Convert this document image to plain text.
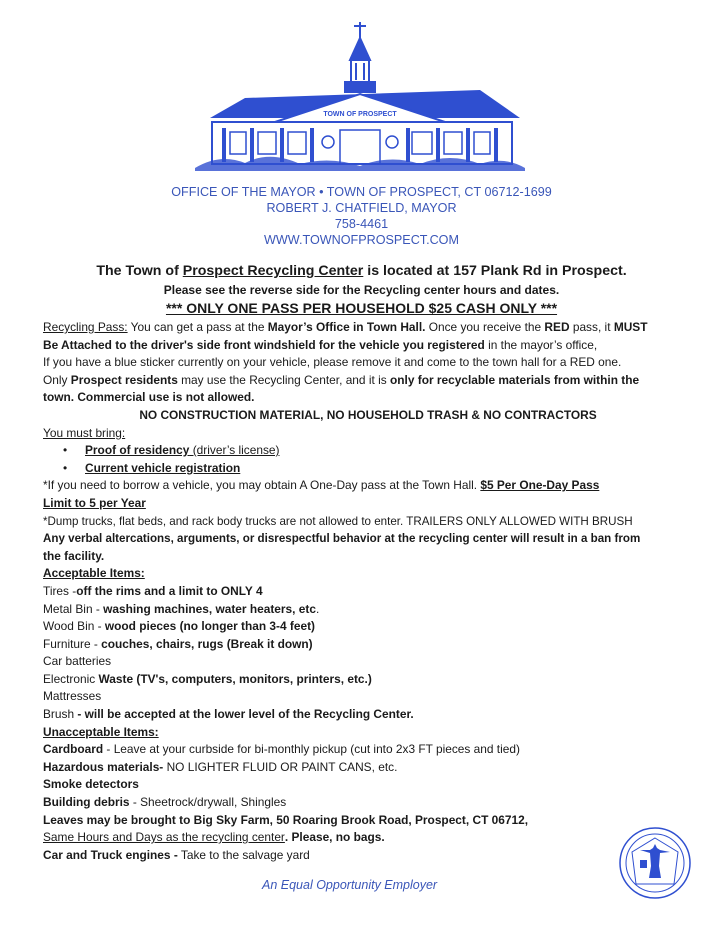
TOWN OF PROSPECT
OFFICE OF THE MAYOR • TOWN OF PROSPECT, CT 06712-1699
ROBERT J. CHATFIELD, MAYOR
758-4461
WWW.TOWNOFPROSPECT.COM
The Town of Prospect Recycling Center is located at 157 Plank Rd in Prospect.
Please see the reverse side for the Recycling center hours and dates.
*** ONLY ONE PASS PER HOUSEHOLD $25 CASH ONLY ***
Recycling Pass: You can get a pass at the Mayor’s Office in Town Hall. Once you receive the RED pass, it MUST
Be Attached to the driver's side front windshield for the vehicle you registered in the mayor’s office,
If you have a blue sticker currently on your vehicle, please remove it and come to the town hall for a RED one.
Only Prospect residents may use the Recycling Center, and it is only for recyclable materials from within the
town. Commercial use is not allowed.
NO CONSTRUCTION MATERIAL, NO HOUSEHOLD TRASH & NO CONTRACTORS
You must bring:
• Proof of residency (driver’s license)
• Current vehicle registration
*If you need to borrow a vehicle, you may obtain A One-Day pass at the Town Hall. $5 Per One-Day Pass
Limit to 5 per Year
*Dump trucks, flat beds, and rack body trucks are not allowed to enter. TRAILERS ONLY ALLOWED WITH BRUSH
Any verbal altercations, arguments, or disrespectful behavior at the recycling center will result in a ban from
the facility.
Acceptable Items:
Tires -off the rims and a limit to ONLY 4
Metal Bin - washing machines, water heaters, etc.
Wood Bin - wood pieces (no longer than 3-4 feet)
Furniture - couches, chairs, rugs (Break it down)
Car batteries
Electronic Waste (TV's, computers, monitors, printers, etc.)
Mattresses
Brush - will be accepted at the lower level of the Recycling Center.
Unacceptable Items:
Cardboard - Leave at your curbside for bi-monthly pickup (cut into 2x3 FT pieces and tied)
Hazardous materials- NO LIGHTER FLUID OR PAINT CANS, etc.
Smoke detectors
Building debris - Sheetrock/drywall, Shingles
Leaves may be brought to Big Sky Farm, 50 Roaring Brook Road, Prospect, CT 06712,
Same Hours and Days as the recycling center. Please, no bags.
Car and Truck engines - Take to the salvage yard
An Equal Opportunity Employer
